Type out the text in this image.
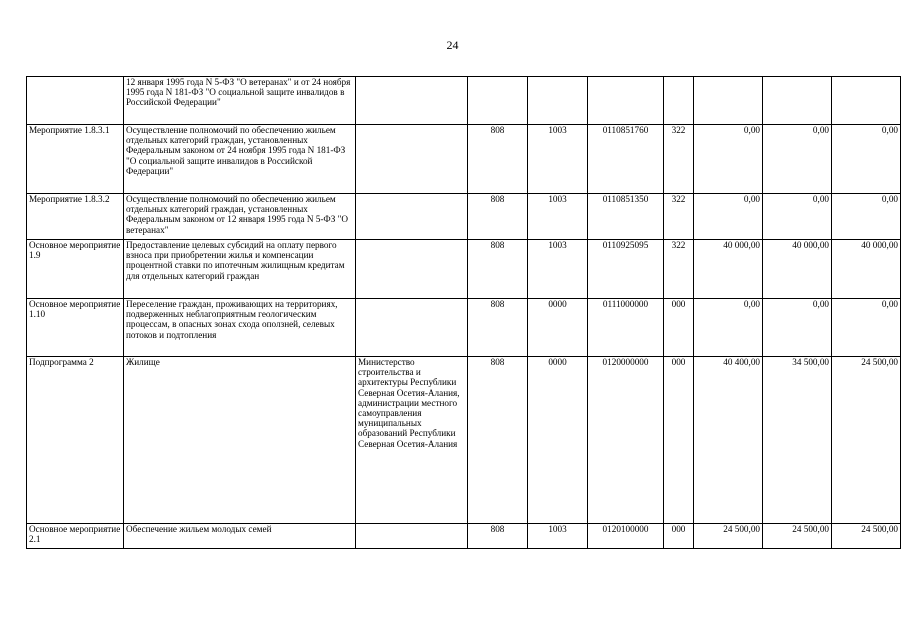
24
	12 января 1995 года N 5-ФЗ "О ветеранах" и от 24 ноября 1995 года N 181-ФЗ "О социальной защите инвалидов в Российской Федерации"								
Мероприятие 1.8.3.1	Осуществление полномочий по обеспечению жильем отдельных категорий граждан, установленных Федеральным законом от 24 ноября 1995 года N 181-ФЗ "О социальной защите инвалидов в Российской Федерации"		808	1003	0110851760	322	0,00	0,00	0,00
Мероприятие 1.8.3.2	Осуществление полномочий по обеспечению жильем отдельных категорий граждан, установленных Федеральным законом от 12 января 1995 года N 5-ФЗ "О ветеранах"		808	1003	0110851350	322	0,00	0,00	0,00
Основное мероприятие 1.9	Предоставление целевых субсидий на оплату первого взноса при приобретении жилья и компенсации процентной ставки по ипотечным жилищным кредитам для отдельных категорий граждан		808	1003	0110925095	322	40 000,00	40 000,00	40 000,00
Основное мероприятие 1.10	Переселение граждан, проживающих на территориях, подверженных неблагоприятным геологическим процессам, в опасных зонах схода оползней, селевых потоков и подтопления		808	0000	0111000000	000	0,00	0,00	0,00
Подпрограмма 2	Жилище	Министерство строительства и архитектуры Республики Северная Осетия-Алания, администрации местного самоуправления муниципальных образований Республики Северная Осетия-Алания	808	0000	0120000000	000	40 400,00	34 500,00	24 500,00
Основное мероприятие 2.1	Обеспечение жильем молодых семей		808	1003	0120100000	000	24 500,00	24 500,00	24 500,00
